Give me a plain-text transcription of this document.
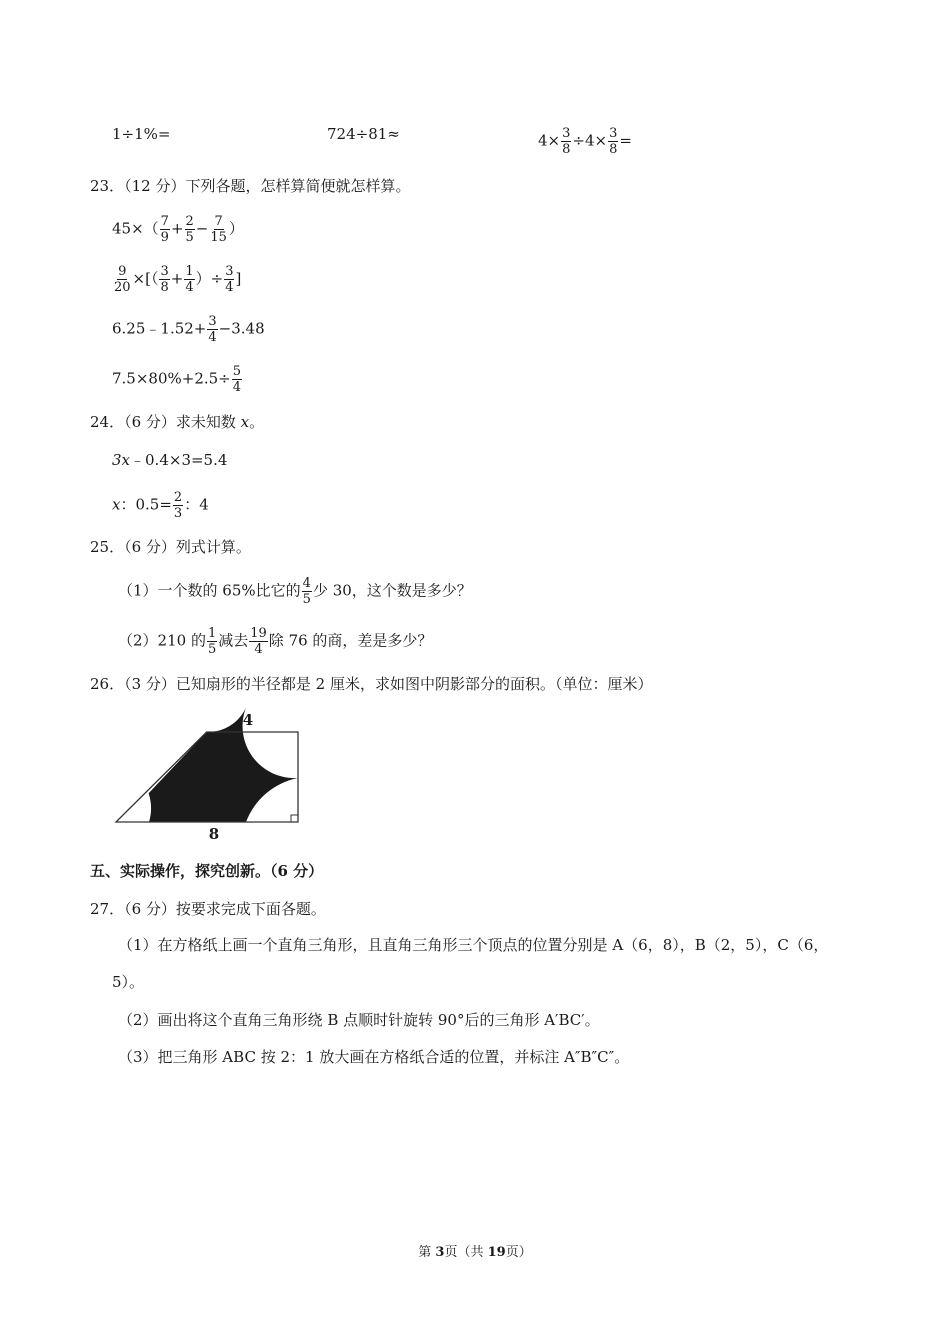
1÷1%=	724÷81≈	$4\times \frac{3}{8} \div 4\times \frac{3}{8}$ =
23．（12 分）下列各题，怎样算简便就怎样算。
$45\times( \frac{7}{9} + \frac{2}{5} - \frac{7}{15}$ ）
$\frac{9}{20}$ ×[（ $\frac{3}{8} + \frac{1}{4}$ ）÷ $\frac{3}{4}$ ]
6.25﹣1.52+ $\frac{3}{4} -3.48$
$7.5\times 80\%+2.5\div \frac{5}{4}$
24．（6 分）求未知数 x。
3x﹣0.4×3=5.4
x：$0.5= \frac{2}{3}$ ：4
25．（6 分）列式计算。
（1）一个数的 65%比它的 $\frac{4}{5}$ 少 30，这个数是多少？
（2）210 的 $\frac{1}{5}$ 减去 $\frac{19}{4}$ 除 76 的商，差是多少？
26．（3 分）已知扇形的半径都是 2 厘米，求如图中阴影部分的面积。（单位：厘米）
4
8
五、实际操作，探究创新。（6 分）
27．（6 分）按要求完成下面各题。
（1）在方格纸上画一个直角三角形，且直角三角形三个顶点的位置分别是 A（6，8），B（2，5），C（6，
5）。
（2）画出将这个直角三角形绕 B 点顺时针旋转 90°后的三角形 A′BC′。
（3）把三角形 ABC 按 2：1 放大画在方格纸合适的位置，并标注 A″B″C″。
第 3页（共 19页）
